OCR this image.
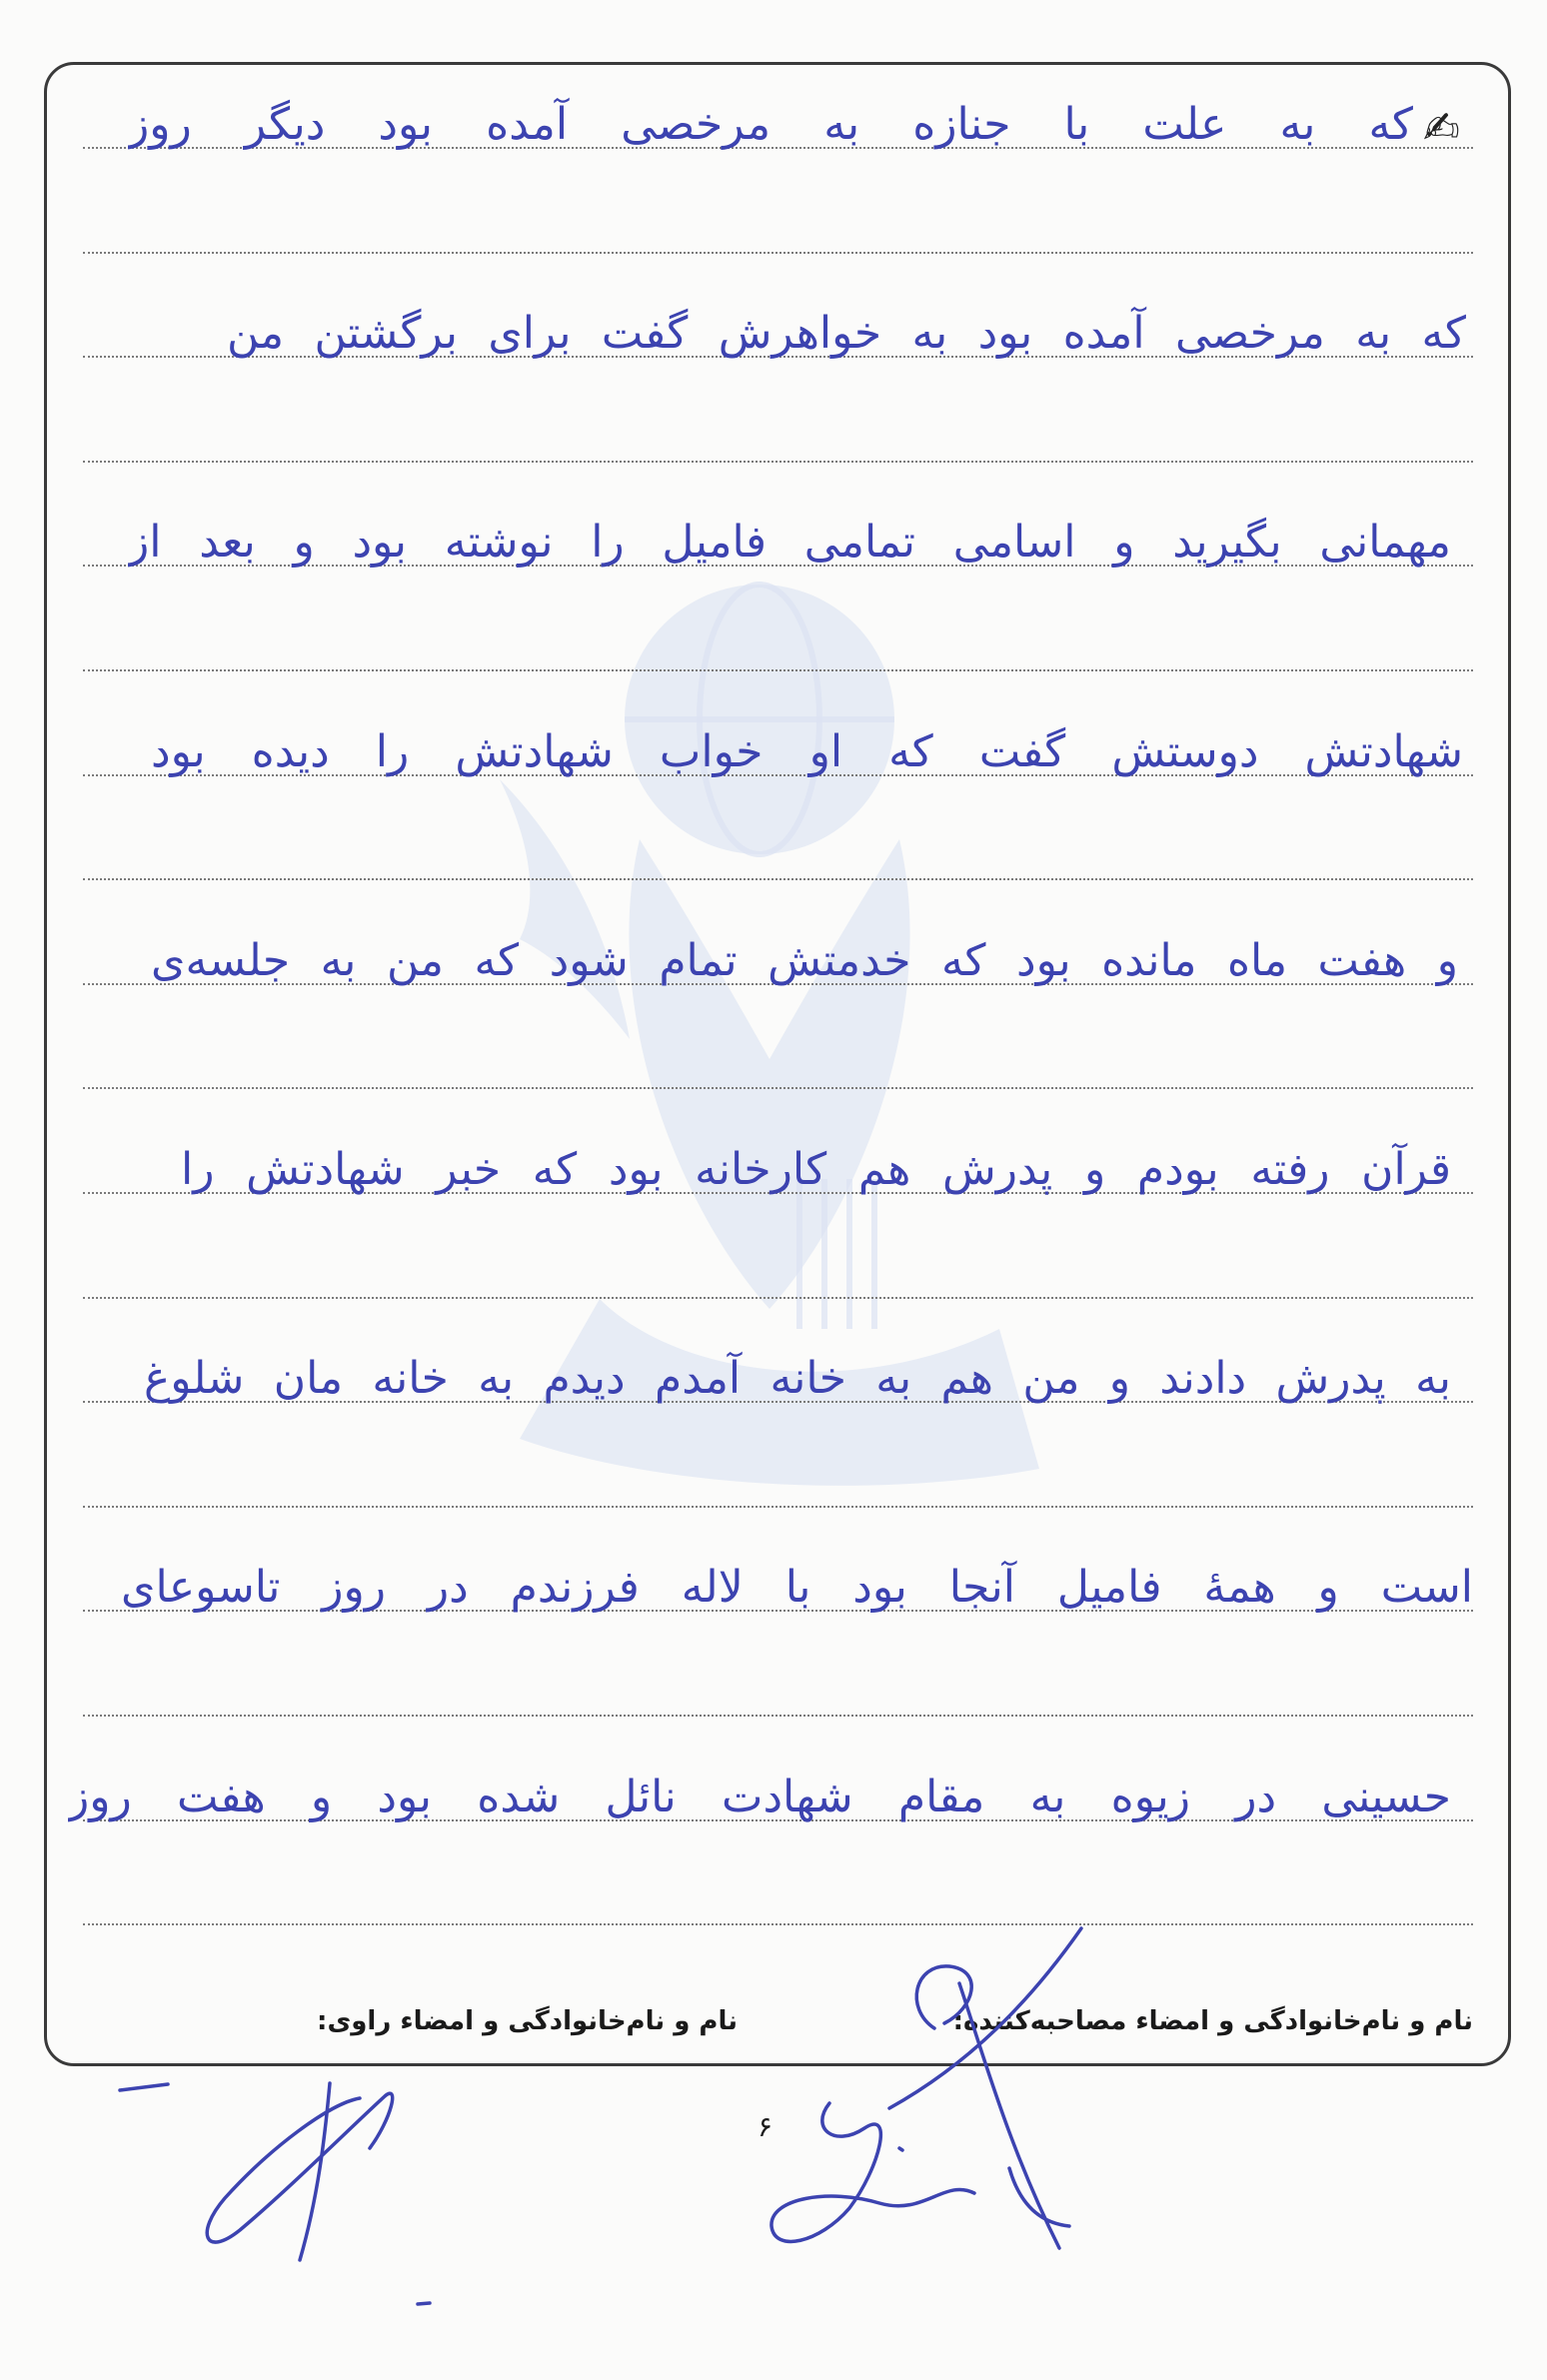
✍
که به علت با جنازه به مرخصی آمده بود دیگر روز
که به مرخصی آمده بود به خواهرش گفت برای برگشتن من
مهمانی بگیرید و اسامی تمامی فامیل را نوشته بود و بعد از
شهادتش دوستش گفت که او خواب شهادتش را دیده بود
و هفت ماه مانده بود که خدمتش تمام شود که من به جلسه‌ی
قرآن رفته بودم و پدرش هم کارخانه بود که خبر شهادتش را
به پدرش دادند و من هم به خانه آمدم دیدم به خانه مان شلوغ
است و همهٔ فامیل آنجا بود با لاله فرزندم در روز تاسوعای
حسینی در زیوه به مقام شهادت نائل شده بود و هفت روز
نام و نام‌خانوادگی و امضاء مصاحبه‌کننده:
نام و نام‌خانوادگی و امضاء راوی:
۶
